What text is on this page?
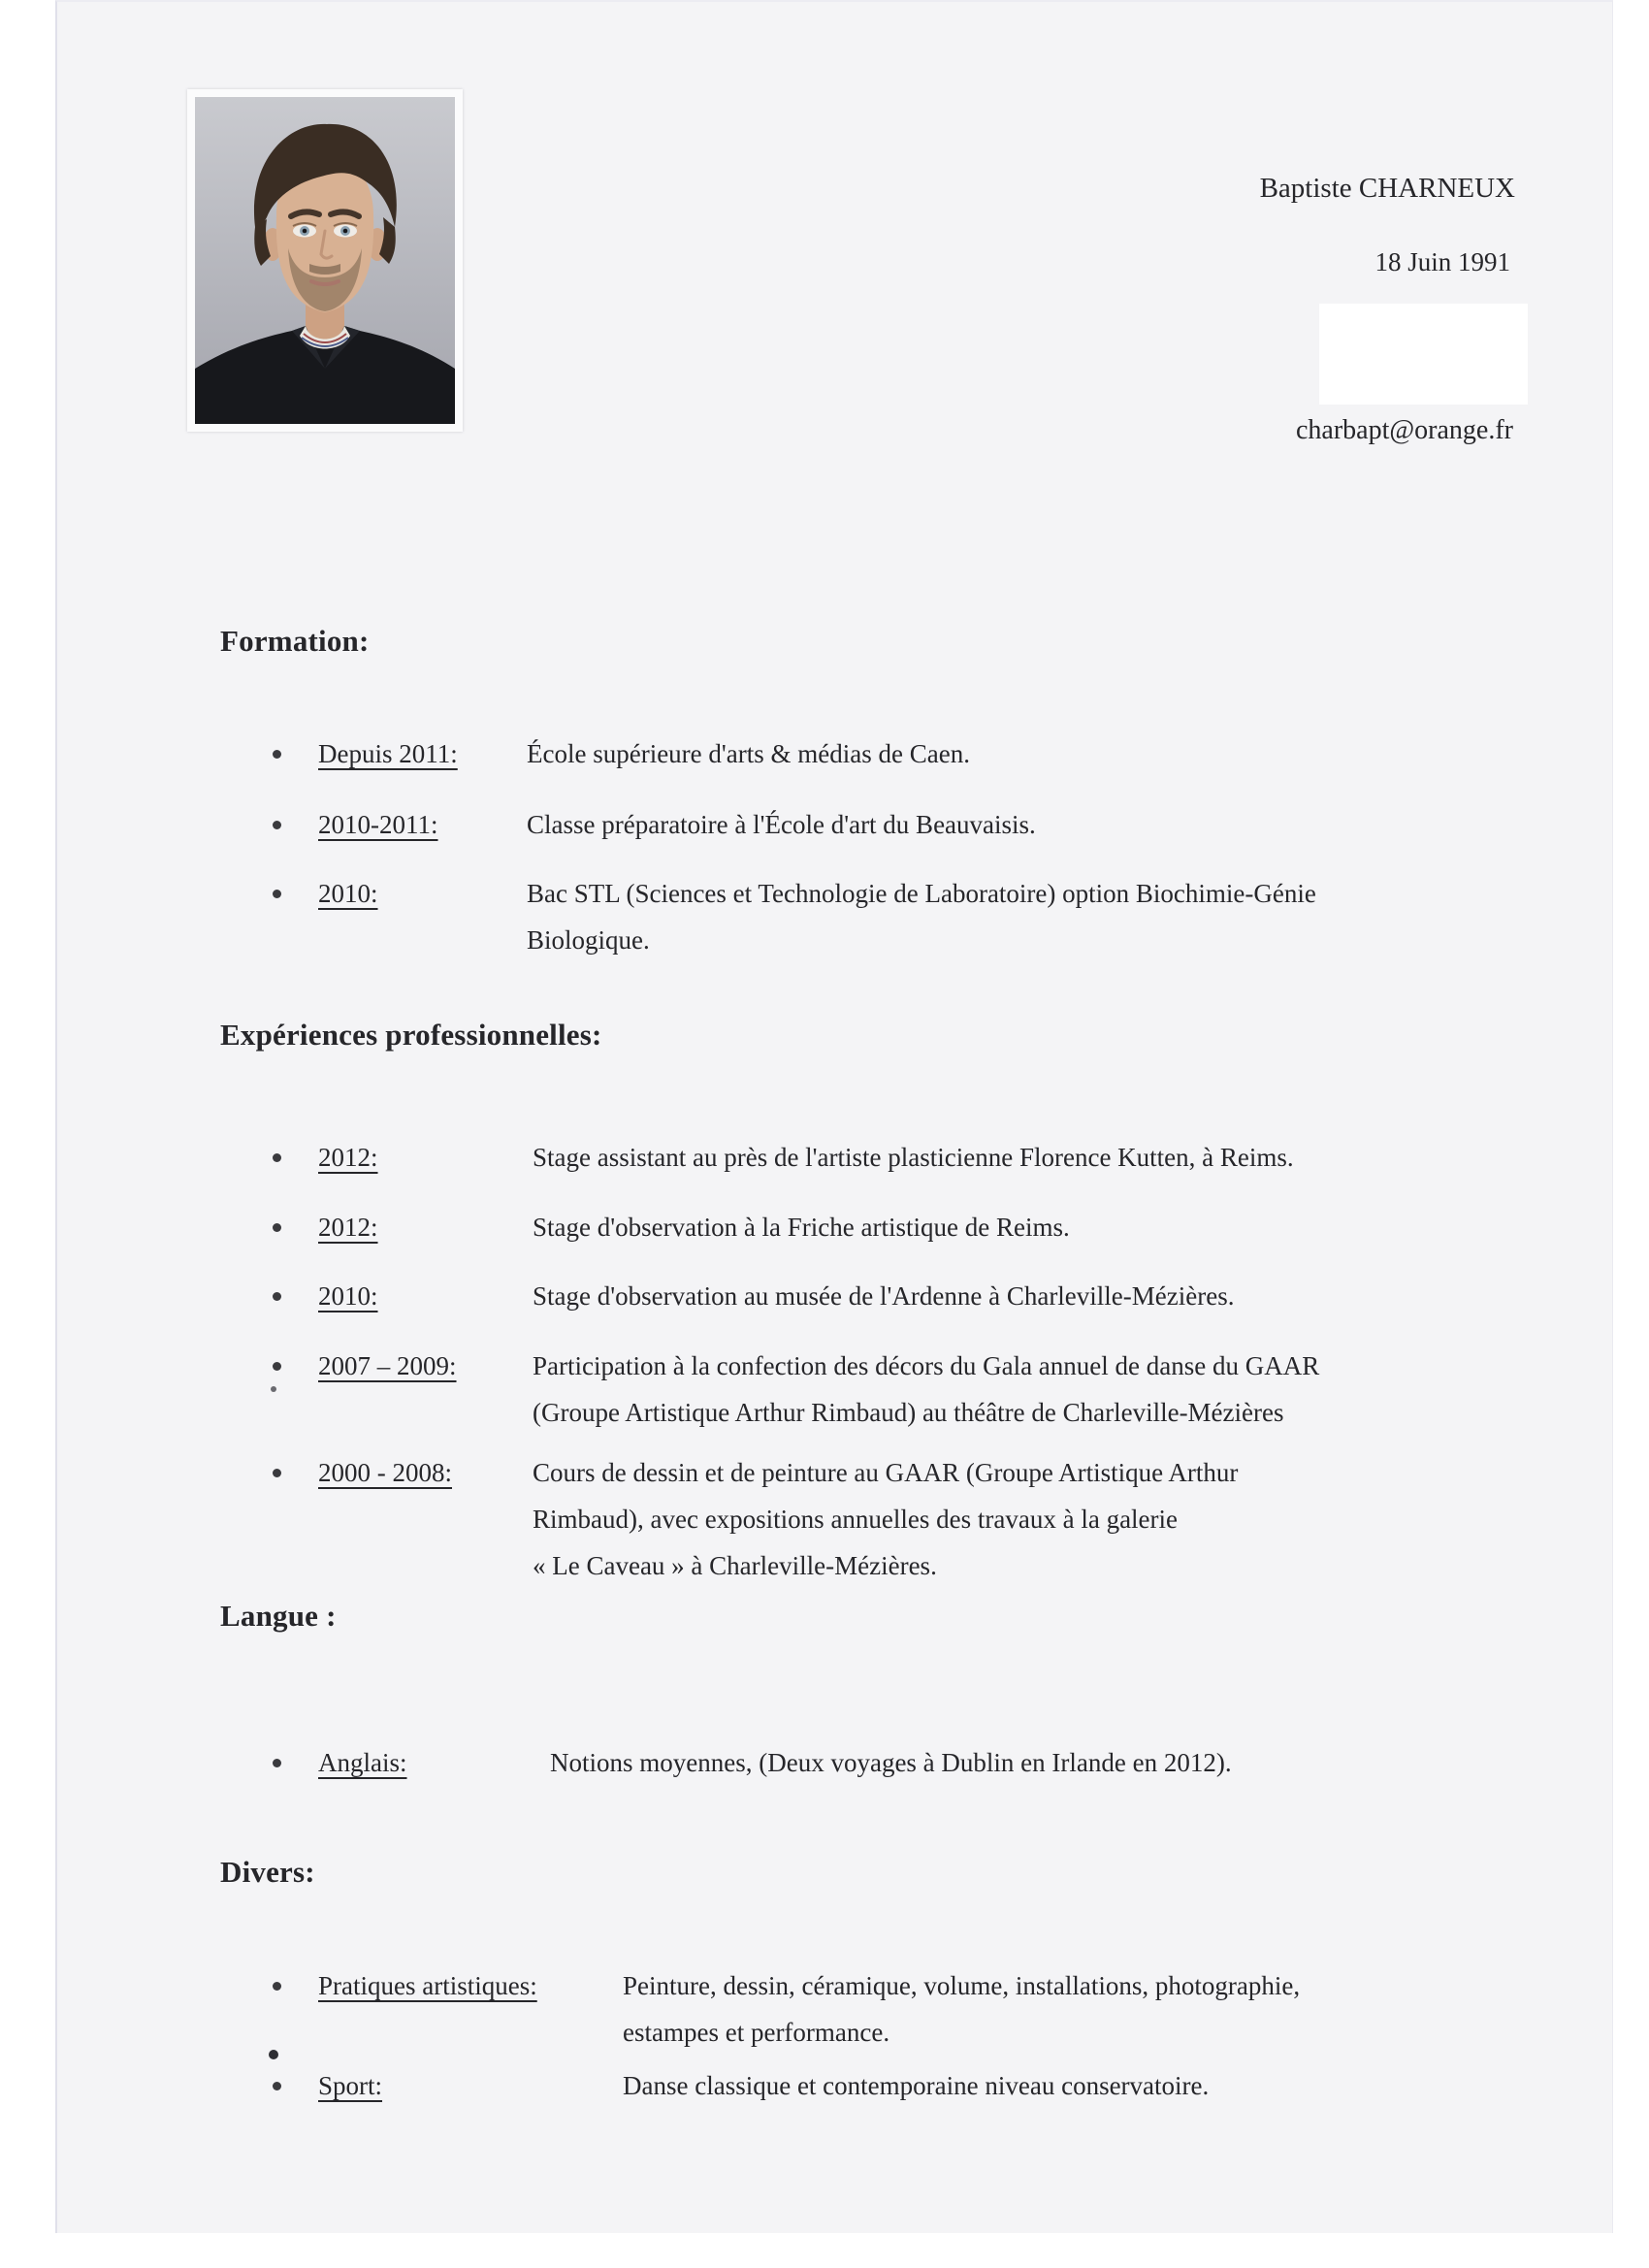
Baptiste CHARNEUX
18 Juin 1991
charbapt@orange.fr
Formation:
Depuis 2011:	École supérieure d'arts & médias de Caen.
2010-2011:	Classe préparatoire à l'École d'art du Beauvaisis.
2010:	Bac STL (Sciences et Technologie de Laboratoire) option Biochimie-Génie
Biologique.
Expériences professionnelles:
2012:	Stage assistant au près de l'artiste plasticienne Florence Kutten, à Reims.
2012:	Stage d'observation à la Friche artistique de Reims.
2010:	Stage d'observation au musée de l'Ardenne à Charleville-Mézières.
2007 – 2009:	Participation à la confection des décors du Gala annuel de danse du GAAR
(Groupe Artistique Arthur Rimbaud) au théâtre de Charleville-Mézières
2000 - 2008:	Cours de dessin et de peinture au GAAR (Groupe Artistique Arthur
Rimbaud), avec expositions annuelles des travaux à la galerie
« Le Caveau » à Charleville-Mézières.
Langue :
Anglais:	Notions moyennes, (Deux voyages à Dublin en Irlande en 2012).
Divers:
Pratiques artistiques:	Peinture, dessin, céramique, volume, installations, photographie,
estampes et performance.
Sport:	Danse classique et contemporaine niveau conservatoire.
